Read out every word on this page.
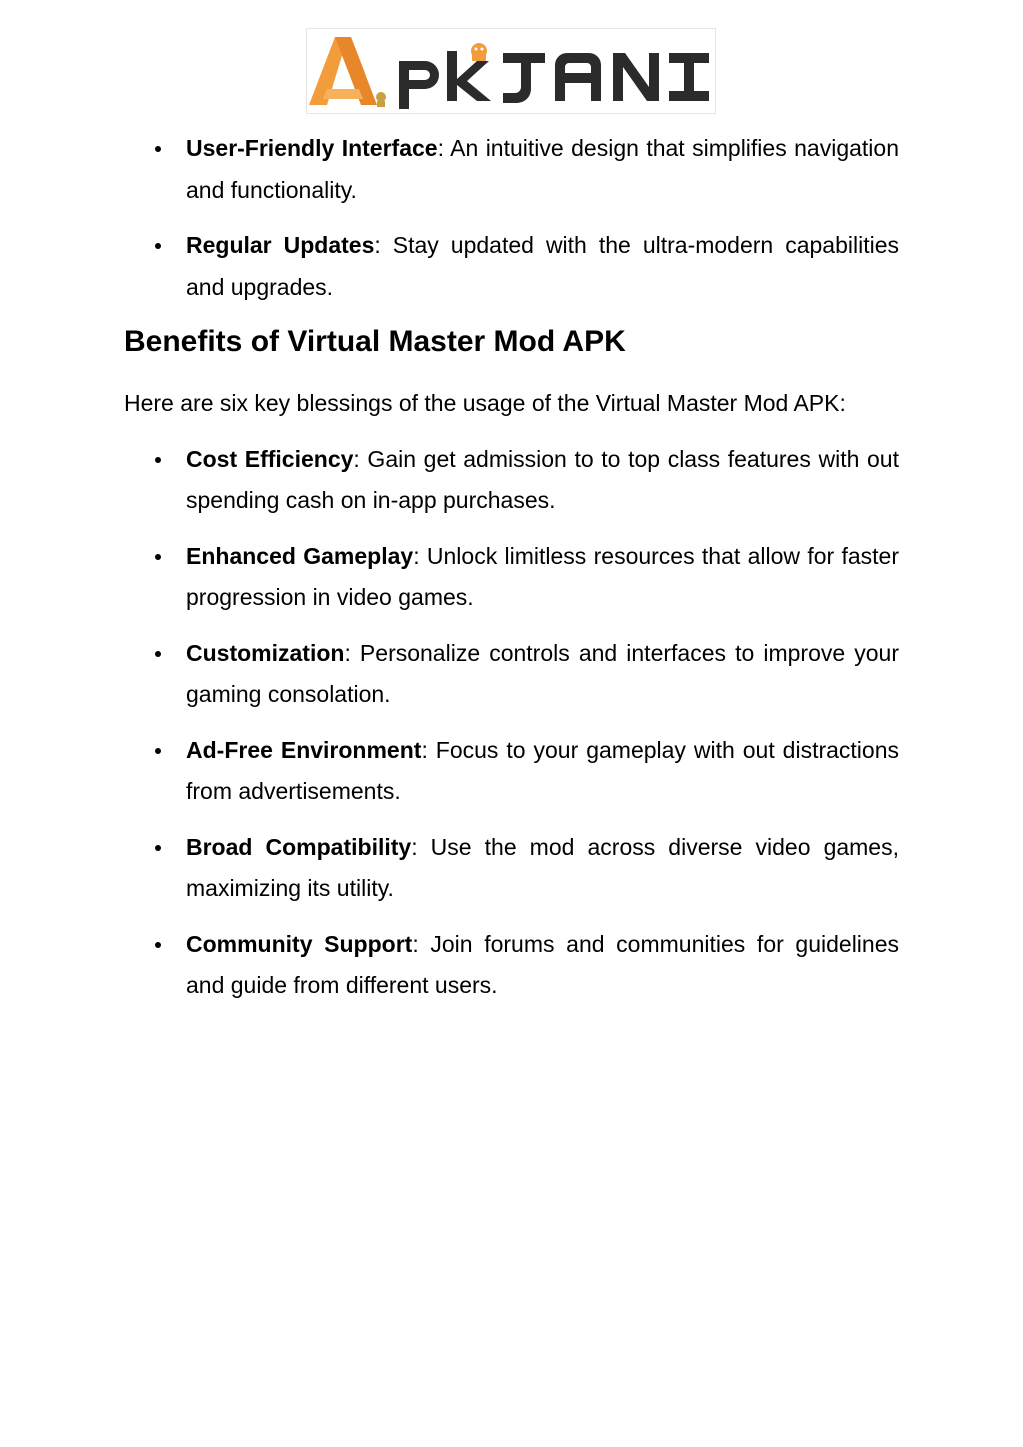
User-Friendly Interface: An intuitive design that simplifies navigation and functionality.
Regular Updates: Stay updated with the ultra-modern capabilities and upgrades.
Benefits of Virtual Master Mod APK

Here are six key blessings of the usage of the Virtual Master Mod APK:

Cost Efficiency: Gain get admission to to top class features with out spending cash on in-app purchases.
Enhanced Gameplay: Unlock limitless resources that allow for faster progression in video games.
Customization: Personalize controls and interfaces to improve your gaming consolation.
Ad-Free Environment: Focus to your gameplay with out distractions from advertisements.
Broad Compatibility: Use the mod across diverse video games, maximizing its utility.
Community Support: Join forums and communities for guidelines and guide from different users.
